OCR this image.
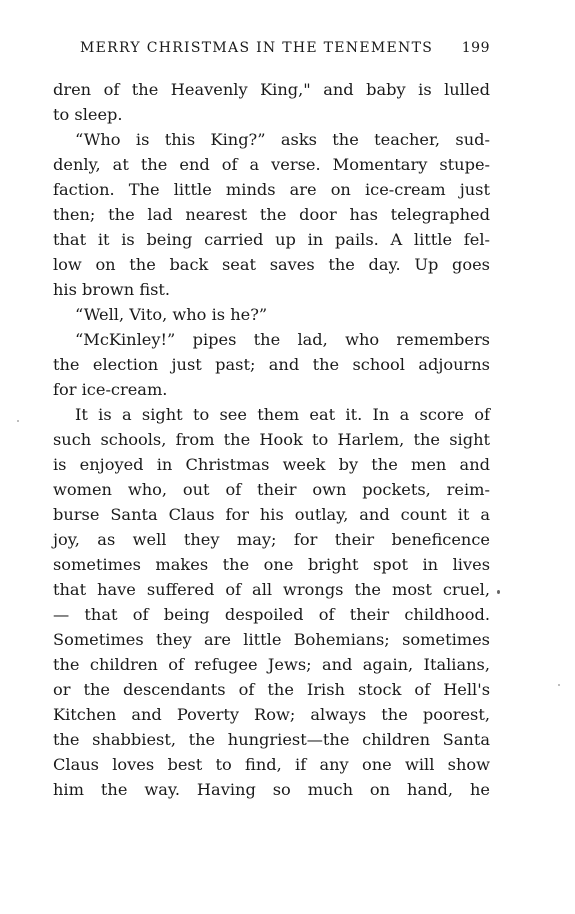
MERRY CHRISTMAS IN THE TENEMENTS 199
dren of the Heavenly King," and baby is lulled
to sleep.
“Who is this King?” asks the teacher, sud-
denly, at the end of a verse. Momentary stupe-
faction. The little minds are on ice-cream just
then; the lad nearest the door has telegraphed
that it is being carried up in pails. A little fel-
low on the back seat saves the day. Up goes
his brown fist.
“Well, Vito, who is he?”
“McKinley!” pipes the lad, who remembers
the election just past; and the school adjourns
for ice-cream.
It is a sight to see them eat it. In a score of
such schools, from the Hook to Harlem, the sight
is enjoyed in Christmas week by the men and
women who, out of their own pockets, reim-
burse Santa Claus for his outlay, and count it a
joy, as well they may; for their beneficence
sometimes makes the one bright spot in lives
that have suffered of all wrongs the most cruel,
— that of being despoiled of their childhood.
Sometimes they are little Bohemians; sometimes
the children of refugee Jews; and again, Italians,
or the descendants of the Irish stock of Hell's
Kitchen and Poverty Row; always the poorest,
the shabbiest, the hungriest—the children Santa
Claus loves best to find, if any one will show
him the way. Having so much on hand, he
